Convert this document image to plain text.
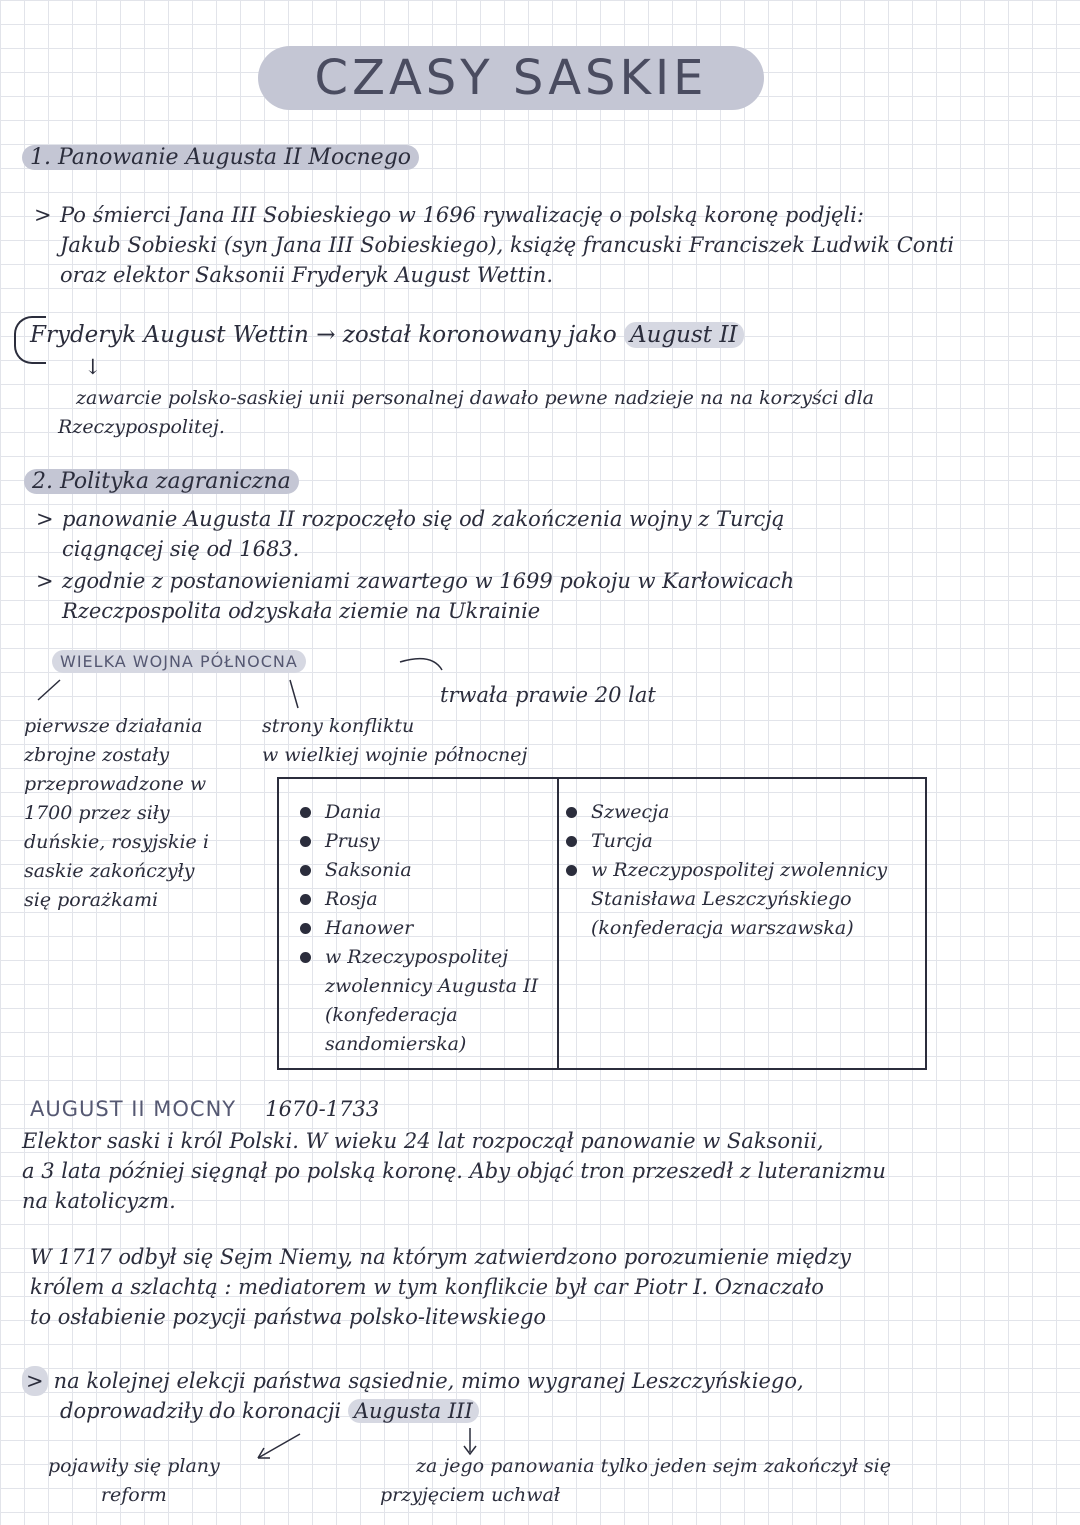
CZASY SASKIE
1. Panowanie Augusta II Mocnego
> Po śmierci Jana III Sobieskiego w 1696 rywalizację o polską koronę podjęli:
Jakub Sobieski (syn Jana III Sobieskiego), książę francuski Franciszek Ludwik Conti
oraz elektor Saksonii Fryderyk August Wettin.
Fryderyk August Wettin → został koronowany jako August II
↓
zawarcie polsko-saskiej unii personalnej dawało pewne nadzieje na na korzyści dla
Rzeczypospolitej.
2. Polityka zagraniczna
> panowanie Augusta II rozpoczęło się od zakończenia wojny z Turcją
ciągnącej się od 1683.
> zgodnie z postanowieniami zawartego w 1699 pokoju w Karłowicach
Rzeczpospolita odzyskała ziemie na Ukrainie
WIELKA WOJNA PÓŁNOCNA
trwała prawie 20 lat
pierwsze działania
zbrojne zostały
przeprowadzone w
1700 przez siły
duńskie, rosyjskie i
saskie zakończyły
się porażkami
strony konfliktu
w wielkiej wojnie północnej
Dania
Prusy
Saksonia
Rosja
Hanower
w Rzeczypospolitej zwolennicy Augusta II (konfederacja sandomierska)
Szwecja
Turcja
w Rzeczypospolitej zwolennicy Stanisława Leszczyńskiego (konfederacja warszawska)
AUGUST II MOCNY 1670-1733
Elektor saski i król Polski. W wieku 24 lat rozpoczął panowanie w Saksonii,
a 3 lata później sięgnął po polską koronę. Aby objąć tron przeszedł z luteranizmu
na katolicyzm.
W 1717 odbył się Sejm Niemy, na którym zatwierdzono porozumienie między
królem a szlachtą : mediatorem w tym konflikcie był car Piotr I. Oznaczało
to osłabienie pozycji państwa polsko-litewskiego
> na kolejnej elekcji państwa sąsiednie, mimo wygranej Leszczyńskiego,
doprowadziły do koronacji Augusta III
pojawiły się plany
reform
za jego panowania tylko jeden sejm zakończył się
przyjęciem uchwał
